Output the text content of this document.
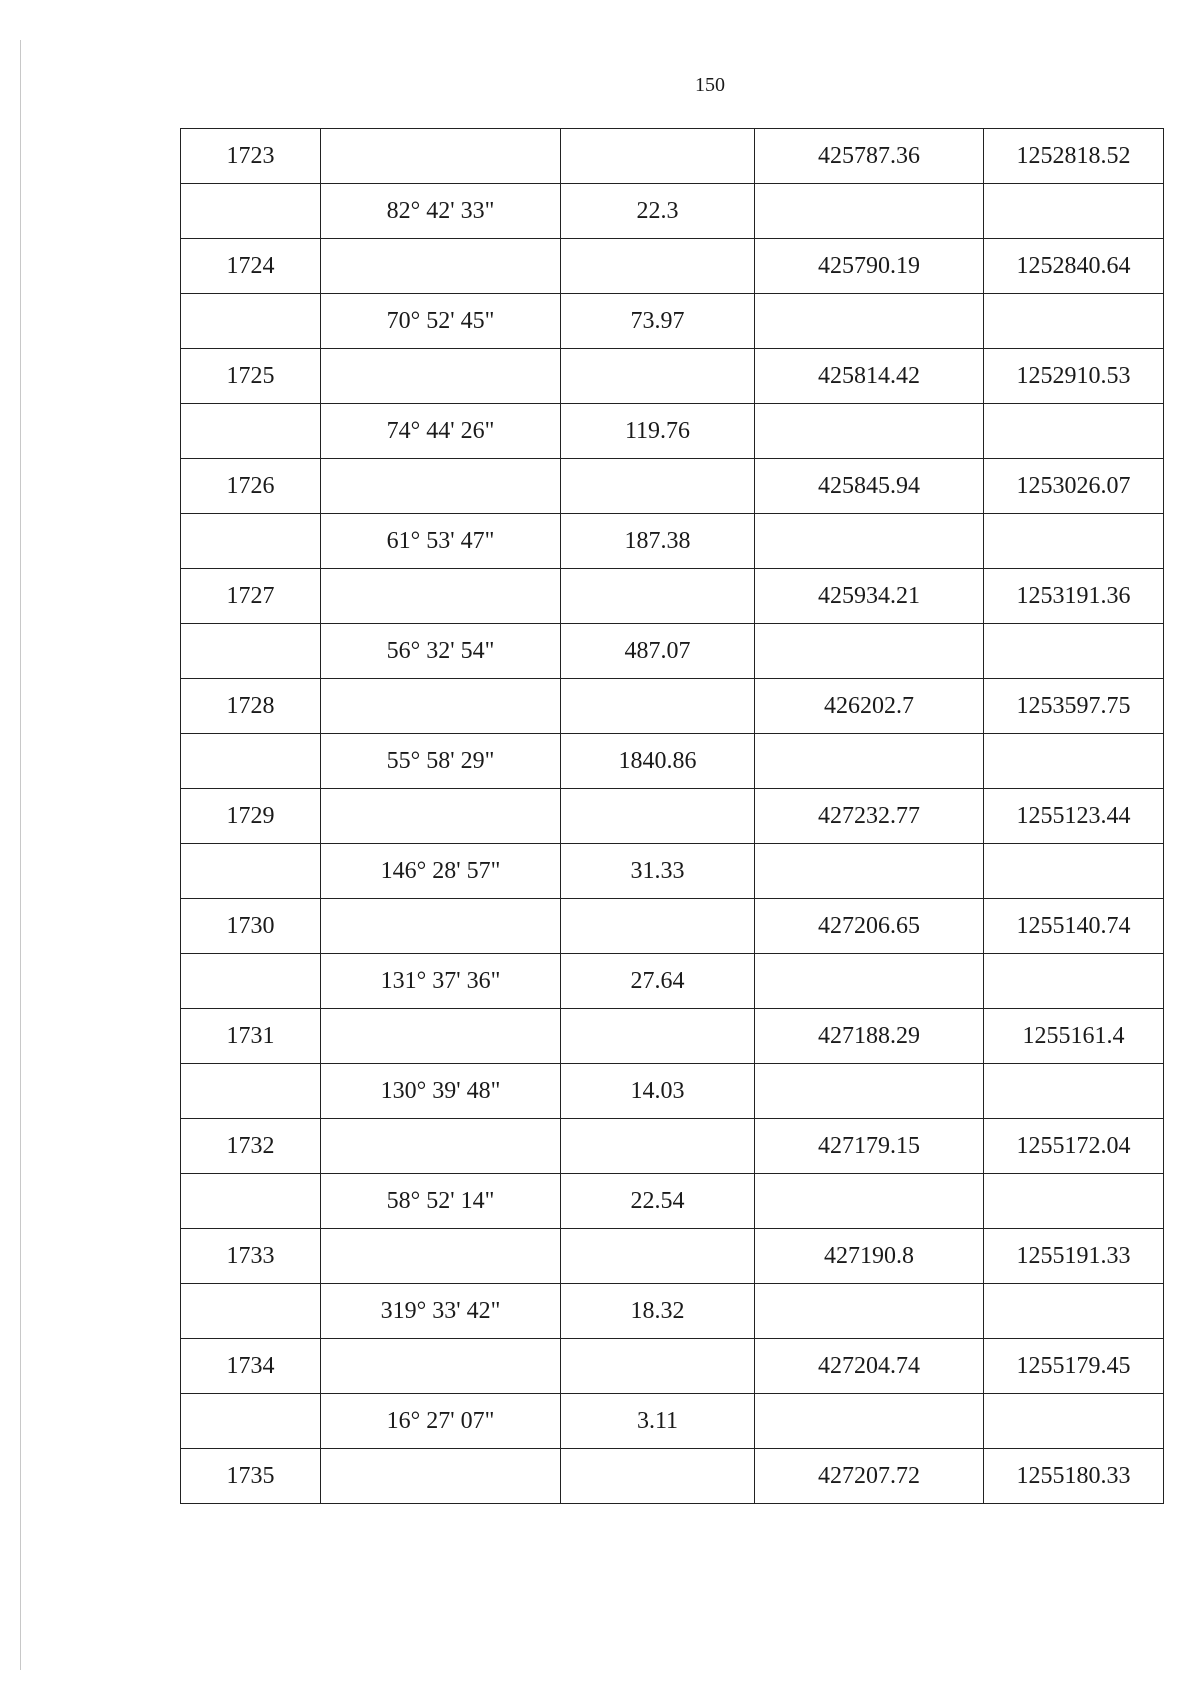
150
1723			425787.36	1252818.52
	82° 42' 33"	22.3		
1724			425790.19	1252840.64
	70° 52' 45"	73.97		
1725			425814.42	1252910.53
	74° 44' 26"	119.76		
1726			425845.94	1253026.07
	61° 53' 47"	187.38		
1727			425934.21	1253191.36
	56° 32' 54"	487.07		
1728			426202.7	1253597.75
	55° 58' 29"	1840.86		
1729			427232.77	1255123.44
	146° 28' 57"	31.33		
1730			427206.65	1255140.74
	131° 37' 36"	27.64		
1731			427188.29	1255161.4
	130° 39' 48"	14.03		
1732			427179.15	1255172.04
	58° 52' 14"	22.54		
1733			427190.8	1255191.33
	319° 33' 42"	18.32		
1734			427204.74	1255179.45
	16° 27' 07"	3.11		
1735			427207.72	1255180.33
